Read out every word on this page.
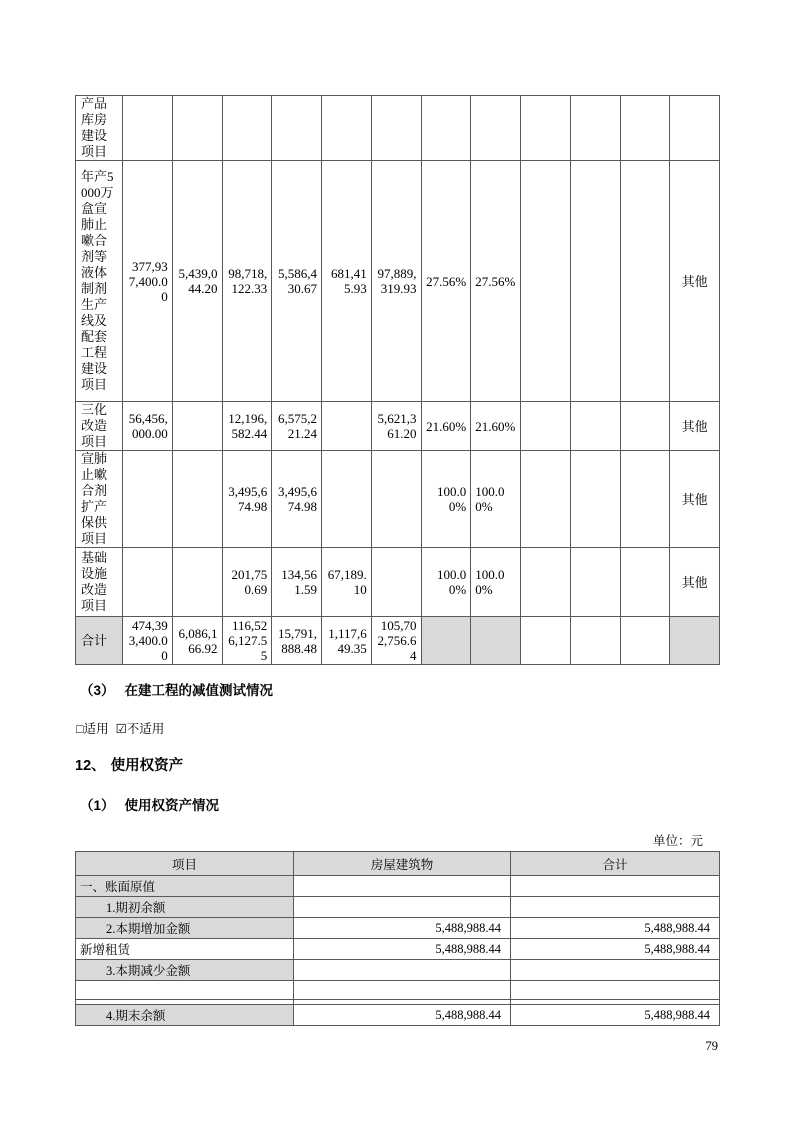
产品库房建设项目												
年产5000万盒宣肺止嗽合剂等液体制剂生产线及配套工程建设项目	377,937,400.00	5,439,044.20	98,718,122.33	5,586,430.67	681,415.93	97,889,319.93	27.56%	27.56%				其他
三化改造项目	56,456,000.00		12,196,582.44	6,575,221.24		5,621,361.20	21.60%	21.60%				其他
宣肺止嗽合剂扩产保供项目			3,495,674.98	3,495,674.98			100.00%	100.00%				其他
基础设施改造项目			201,750.69	134,561.59	67,189.10		100.00%	100.00%				其他
合计	474,393,400.00	6,086,166.92	116,526,127.55	15,791,888.48	1,117,649.35	105,702,756.64						
（3） 在建工程的减值测试情况
□适用 ☑不适用
12、 使用权资产
（1） 使用权资产情况
单位：元
项目	房屋建筑物	合计
一、账面原值		
1.期初余额		
2.本期增加金额	5,488,988.44	5,488,988.44
新增租赁	5,488,988.44	5,488,988.44
3.本期减少金额		

4.期末余额	5,488,988.44	5,488,988.44
79
